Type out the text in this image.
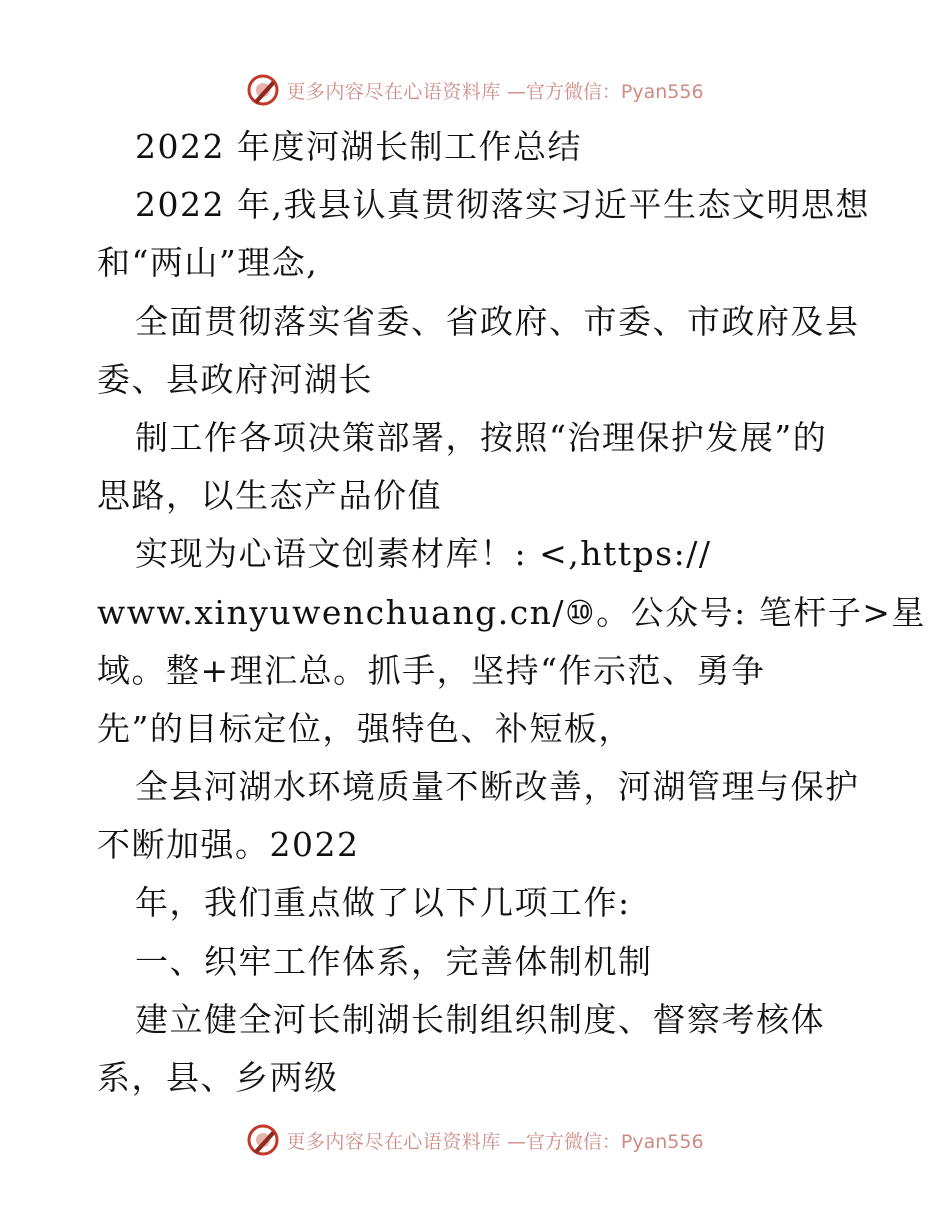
更多内容尽在心语资料库 —官方微信：Pyan556
2022 年度河湖长制工作总结
2022 年,我县认真贯彻落实习近平生态文明思想
和“两山”理念,
全面贯彻落实省委、省政府、市委、市政府及县
委、县政府河湖长
制工作各项决策部署，按照“治理保护发展”的
思路，以生态产品价值
实现为心语文创素材库！: <,https://
www.xinyuwenchuang.cn/⑩。公众号: 笔杆子>星
域。整+理汇总。抓手，坚持“作示范、勇争
先”的目标定位，强特色、补短板，
全县河湖水环境质量不断改善，河湖管理与保护
不断加强。2022
年，我们重点做了以下几项工作:
一、织牢工作体系，完善体制机制
建立健全河长制湖长制组织制度、督察考核体
系，县、乡两级
更多内容尽在心语资料库 —官方微信：Pyan556
